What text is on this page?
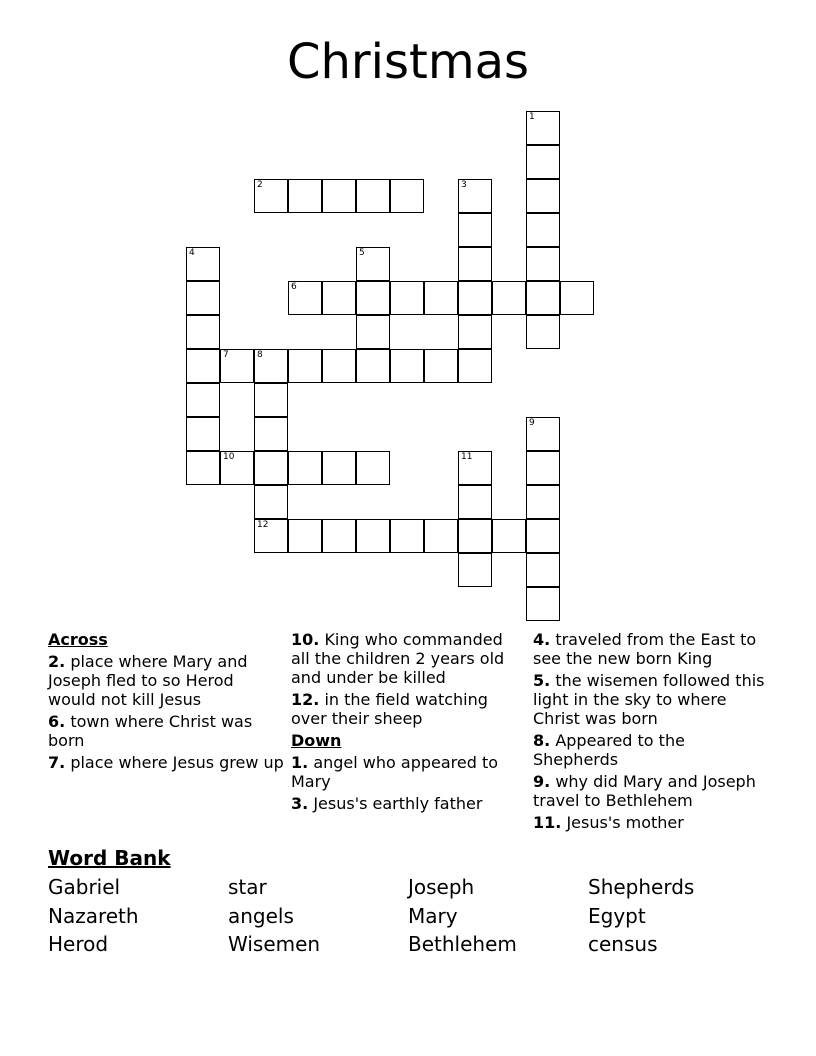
Christmas
1
2	3
4	5
6
7	8
9
10	11
12
Across
2. place where Mary and Joseph fled to so Herod would not kill Jesus
6. town where Christ was born
7. place where Jesus grew up
10. King who commanded all the children 2 years old and under be killed
12. in the field watching over their sheep
Down
1. angel who appeared to Mary
3. Jesus's earthly father
4. traveled from the East to see the new born King
5. the wisemen followed this light in the sky to where Christ was born
8. Appeared to the Shepherds
9. why did Mary and Joseph travel to Bethlehem
11. Jesus's mother
Word Bank
Gabriel	star	Joseph	Shepherds
Nazareth	angels	Mary	Egypt
Herod	Wisemen	Bethlehem	census
